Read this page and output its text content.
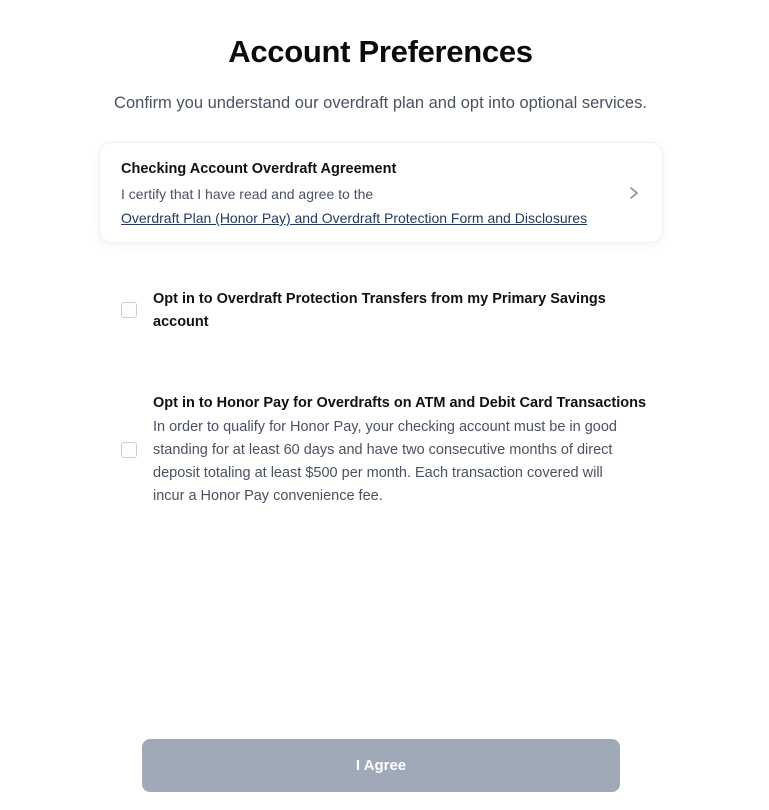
Account Preferences

Confirm you understand our overdraft plan and opt into optional services.

Checking Account Overdraft Agreement
I certify that I have read and agree to the
Overdraft Plan (Honor Pay) and Overdraft Protection Form and Disclosures
Opt in to Overdraft Protection Transfers from my Primary Savings
account
Opt in to Honor Pay for Overdrafts on ATM and Debit Card Transactions
In order to qualify for Honor Pay, your checking account must be in good
standing for at least 60 days and have two consecutive months of direct
deposit totaling at least $500 per month. Each transaction covered will
incur a Honor Pay convenience fee.
I Agree
